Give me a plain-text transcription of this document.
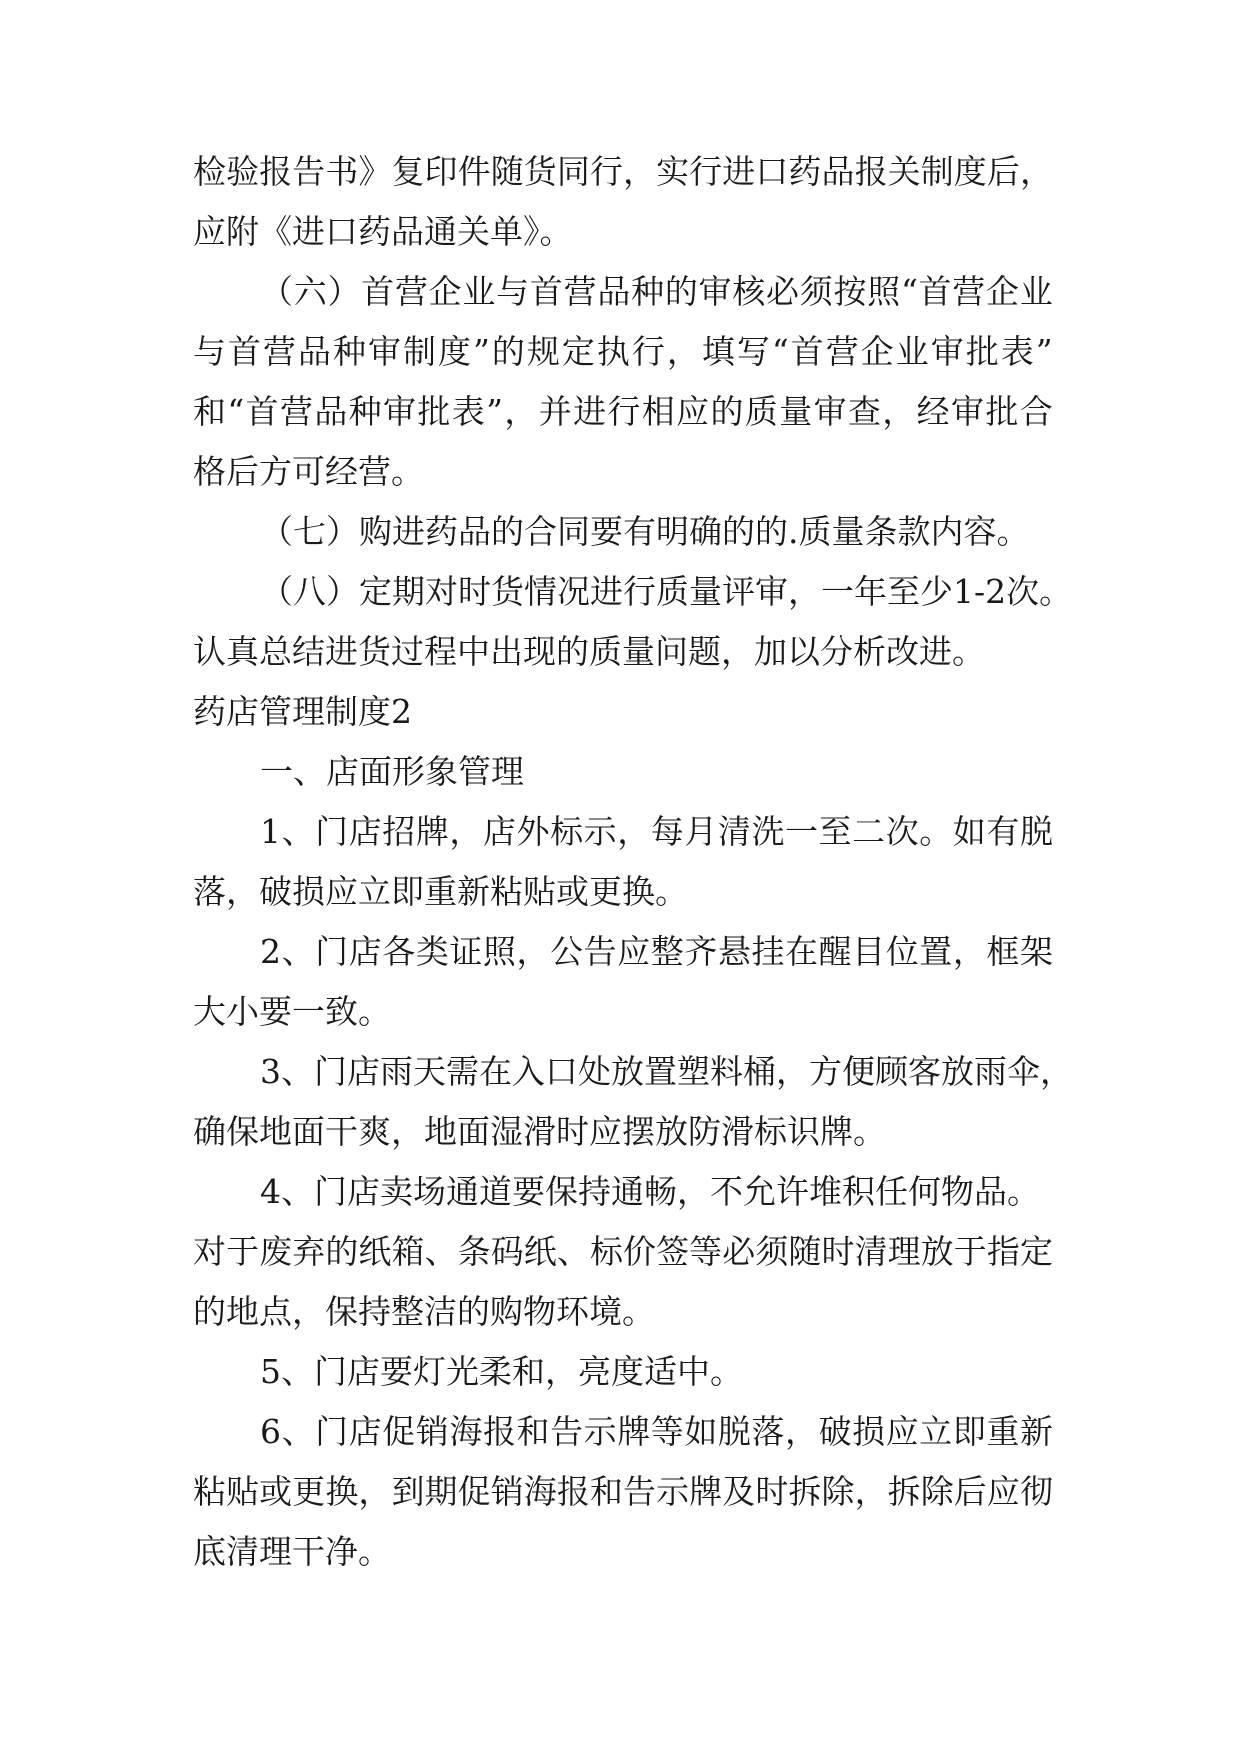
检 验 报 告 书 》 复 印 件 随 货 同 行 ， 实 行 进 口 药 品 报 关 制 度 后 ，
应附《进口药品通关单》。
（ 六 ） 首 营 企 业 与 首 营 品 种 的 审 核 必 须 按 照 “ 首 营 企 业
与 首 营 品 种 审 制 度 ” 的 规 定 执 行 ， 填 写 “ 首 营 企 业 审 批 表 ”
和 “ 首 营 品 种 审 批 表 ” ， 并 进 行 相 应 的 质 量 审 查 ， 经 审 批 合
格后方可经营。
（ 七 ） 购 进 药 品 的 合 同 要 有 明 确 的 的 . 质 量 条 款 内 容 。
（ 八 ） 定 期 对 时 货 情 况 进 行 质 量 评 审 ， 一 年 至 少 1 - 2 次 。
认 真 总 结 进 货 过 程 中 出 现 的 质 量 问 题 ， 加 以 分 析 改 进 。
药店管理制度2
一、店面形象管理
1 、 门 店 招 牌 ， 店 外 标 示 ， 每 月 清 洗 一 至 二 次 。 如 有 脱
落，破损应立即重新粘贴或更换。
2 、 门 店 各 类 证 照 ， 公 告 应 整 齐 悬 挂 在 醒 目 位 置 ， 框 架
大小要一致。
3 、 门 店 雨 天 需 在 入 口 处 放 置 塑 料 桶 ， 方 便 顾 客 放 雨 伞 ，
确保地面干爽，地面湿滑时应摆放防滑标识牌。
4 、 门 店 卖 场 通 道 要 保 持 通 畅 ， 不 允 许 堆 积 任 何 物 品 。
对 于 废 弃 的 纸 箱 、 条 码 纸 、 标 价 签 等 必 须 随 时 清 理 放 于 指 定
的地点，保持整洁的购物环境。
5、门店要灯光柔和，亮度适中。
6 、 门 店 促 销 海 报 和 告 示 牌 等 如 脱 落 ， 破 损 应 立 即 重 新
粘 贴 或 更 换 ， 到 期 促 销 海 报 和 告 示 牌 及 时 拆 除 ， 拆 除 后 应 彻
底清理干净。
